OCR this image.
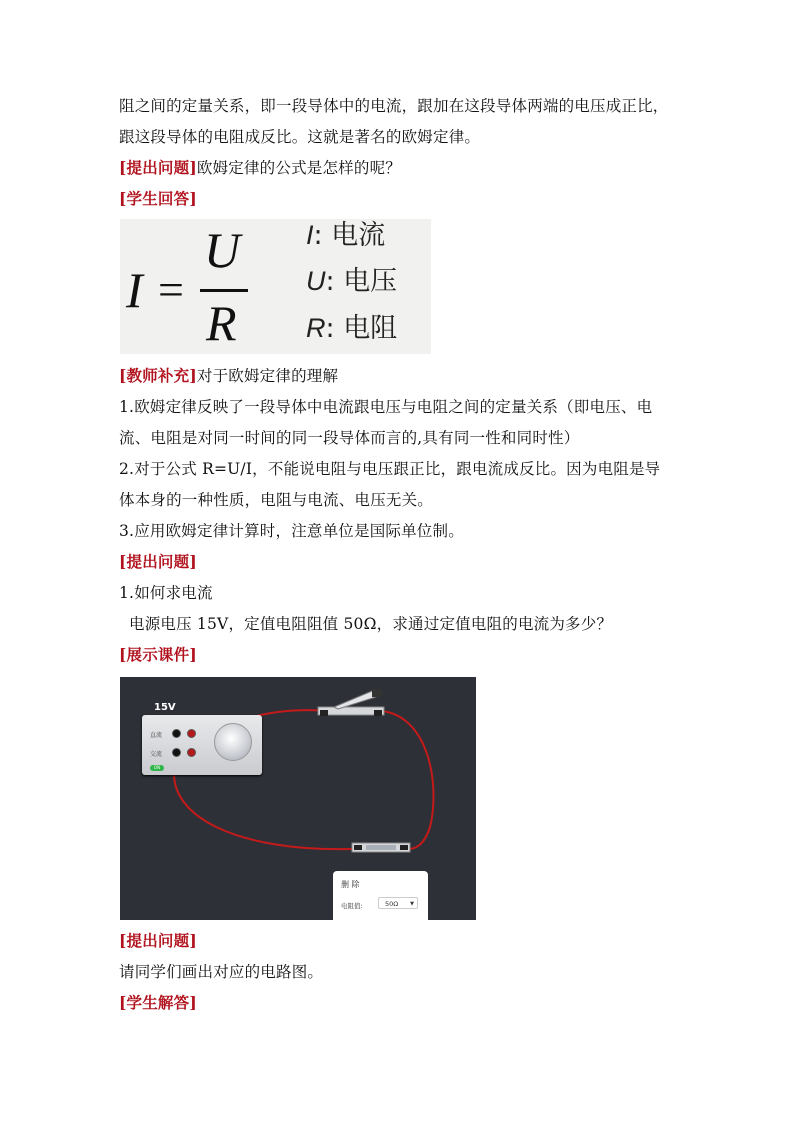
阻之间的定量关系，即一段导体中的电流，跟加在这段导体两端的电压成正比，
跟这段导体的电阻成反比。这就是著名的欧姆定律。
[提出问题]欧姆定律的公式是怎样的呢？
[学生回答]
I =
U
R
I: 电流
U: 电压
R: 电阻
[教师补充]对于欧姆定律的理解
1.欧姆定律反映了一段导体中电流跟电压与电阻之间的定量关系（即电压、电
流、电阻是对同一时间的同一段导体而言的,具有同一性和同时性）
2.对于公式 R=U/I，不能说电阻与电压跟正比，跟电流成反比。因为电阻是导
体本身的一种性质，电阻与电流、电压无关。
3.应用欧姆定律计算时，注意单位是国际单位制。
[提出问题]
1.如何求电流
电源电压 15V，定值电阻阻值 50Ω，求通过定值电阻的电流为多少？
[展示课件]
15V
直流
交流
ON
删 除
电阻值:	50Ω ▼
[提出问题]
请同学们画出对应的电路图。
[学生解答]
